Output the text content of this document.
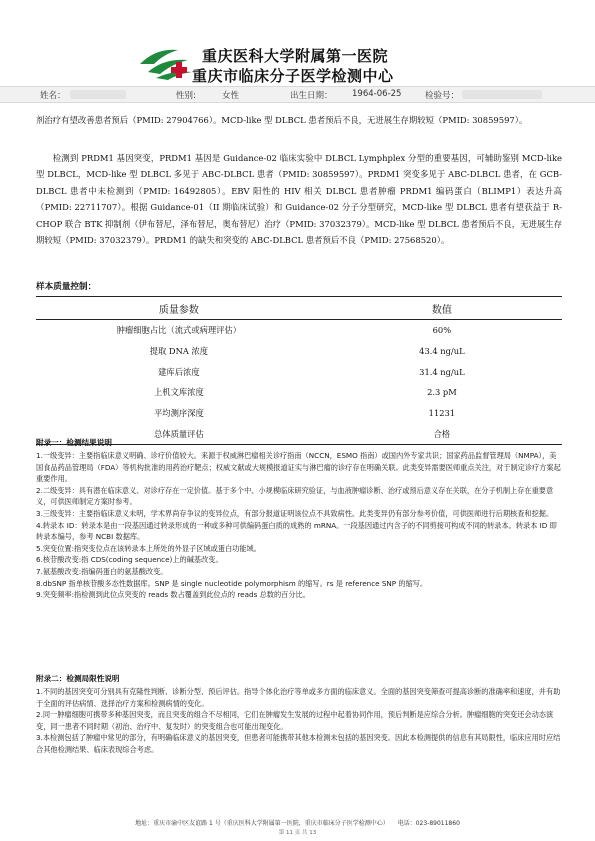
重庆医科大学附属第一医院
重庆市临床分子医学检测中心
姓名：	性别:	女性	出生日期： 1964-06-25	检验号：
剂治疗有望改善患者预后（PMID: 27904766）。MCD-like 型 DLBCL 患者预后不良，无进展生存期较短（PMID: 30859597）。
检测到 PRDM1 基因突变，PRDM1 基因是 Guidance-02 临床实验中 DLBCL Lymphplex 分型的重要基因，可辅助鉴别 MCD-like 型 DLBCL，MCD-like 型 DLBCL 多见于 ABC-DLBCL 患者（PMID: 30859597）。PRDM1 突变多见于 ABC-DLBCL 患者，在 GCB-DLBCL 患者中未检测到（PMID: 16492805）。EBV 阳性的 HIV 相关 DLBCL 患者肿瘤 PRDM1 编码蛋白（BLIMP1）表达升高（PMID: 22711707）。根据 Guidance-01（II 期临床试验）和 Guidance-02 分子分型研究，MCD-like 型 DLBCL 患者有望获益于 R-CHOP 联合 BTK 抑制剂（伊布替尼，泽布替尼，奥布替尼）治疗（PMID: 37032379）。MCD-like 型 DLBCL 患者预后不良，无进展生存期较短（PMID: 37032379）。PRDM1 的缺失和突变的 ABC-DLBCL 患者预后不良（PMID: 27568520）。
样本质量控制：
质量参数	数值
肿瘤细胞占比（流式或病理评估）	60%
提取 DNA 浓度	43.4 ng/uL
建库后浓度	31.4 ng/uL
上机文库浓度	2.3 pM
平均测序深度	11231
总体质量评估	合格
附录一：检测结果说明

1.一级变异：主要指临床意义明确、诊疗价值较大。来源于权威淋巴瘤相关诊疗指南（NCCN，ESMO 指南）或国内外专家共识；国家药品监督管理局（NMPA），美国食品药品管理局（FDA）等机构批准的用药治疗靶点；权威文献或大规模报道证实与淋巴瘤的诊疗存在明确关联。此类变异需要医师重点关注，对于制定诊疗方案起重要作用。

2.二级变异：具有潜在临床意义、对诊疗存在一定价值。基于多个中、小规模临床研究验证，与血液肿瘤诊断、治疗或预后意义存在关联，在分子机制上存在重要意义，可供医师制定方案时参考。

3.三级变异：主要指临床意义未明，学术界尚存争议的变异位点，有部分报道证明该位点不具致病性。此类变异仍有部分参考价值，可供医师进行后期核查和挖掘。

4.转录本 ID：转录本是由一段基因通过转录形成的一种或多种可供编码蛋白质的成熟的 mRNA。一段基因通过内含子的不同剪接可构成不同的转录本。转录本 ID 即转录本编号，参考 NCBI 数据库。

5.突变位置:指突变位点在该转录本上所处的外显子区域或蛋白功能域。

6.核苷酸改变:指 CDS(coding sequence)上的碱基改变。

7.氨基酸改变:指编码蛋白的氨基酸改变。

8.dbSNP 指单核苷酸多态性数据库。SNP 是 single nucleotide polymorphism 的缩写。rs 是 reference SNP 的缩写。

9.突变频率:指检测到此位点突变的 reads 数占覆盖到此位点的 reads 总数的百分比。

附录二：检测局限性说明

1.不同的基因突变可分别具有克隆性判断、诊断分型、预后评估。指导个体化治疗等单或多方面的临床意义。全面的基因突变筛查可提高诊断的准确率和速度，并有助于全面的评估病情、选择治疗方案和检测病情的变化。

2.同一肿瘤细胞可携带多种基因突变，而且突变的组合不尽相同，它们在肿瘤发生发展的过程中起着协同作用，预后判断是应综合分析。肿瘤细胞的突变还会动态演变，同一患者不同时期（初治、治疗中、复发时）的突变组合也可能出现变化。

3.本检测包括了肿瘤中常见的部分，有明确临床意义的基因突变，但患者可能携带其他本检测未包括的基因突变。因此本检测提供的信息有其局限性，临床应用时应结合其他检测结果、临床表现综合考虑。

地址：重庆市渝中区友谊路 1 号（重庆医科大学附属第一医院，重庆市临床分子医学检测中心）　　电话：023-89011860
第 11 页 共 13
